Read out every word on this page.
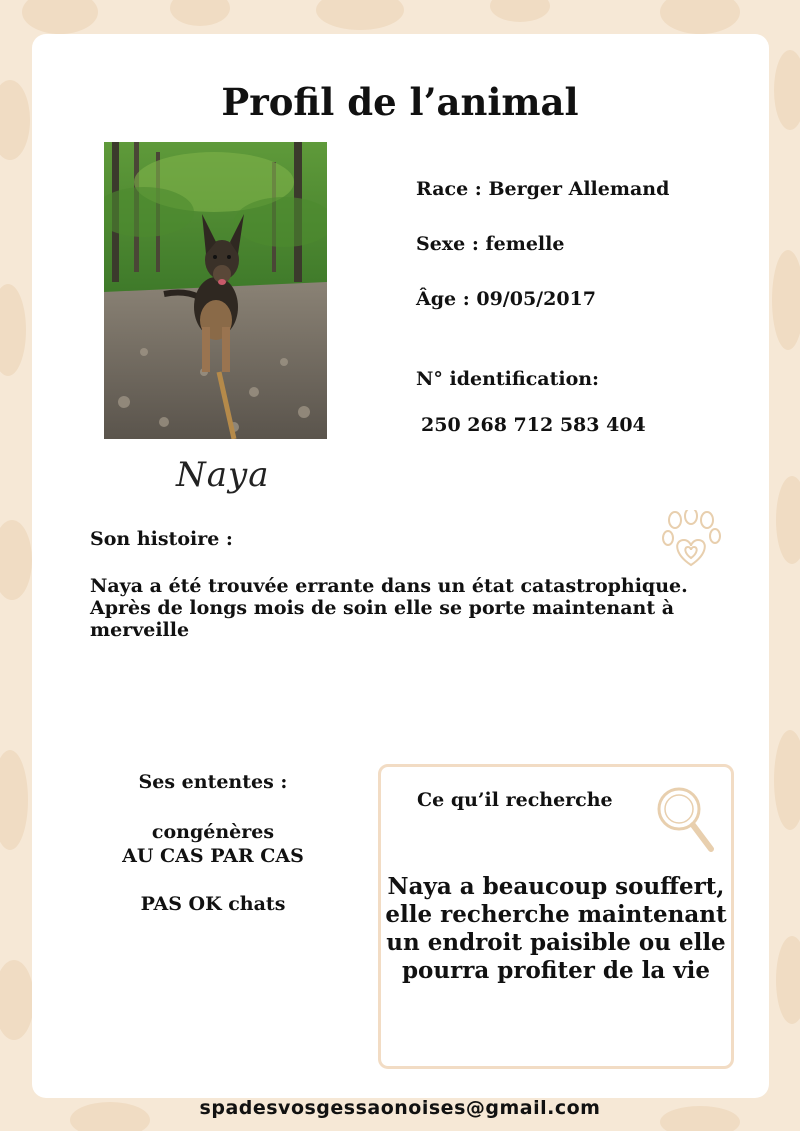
Profil de l’animal
Naya
Race : Berger Allemand
Sexe : femelle
Âge : 09/05/2017
N° identification:
250 268 712 583 404
Son histoire :
Naya a été trouvée errante dans un état catastrophique. Après de longs mois de soin elle se porte maintenant à merveille
Ses ententes :
congénères
AU CAS PAR CAS
PAS OK chats
Ce qu’il recherche
Naya a beaucoup souffert, elle recherche maintenant un endroit paisible ou elle pourra profiter de la vie
spadesvosgessaonoises@gmail.com
